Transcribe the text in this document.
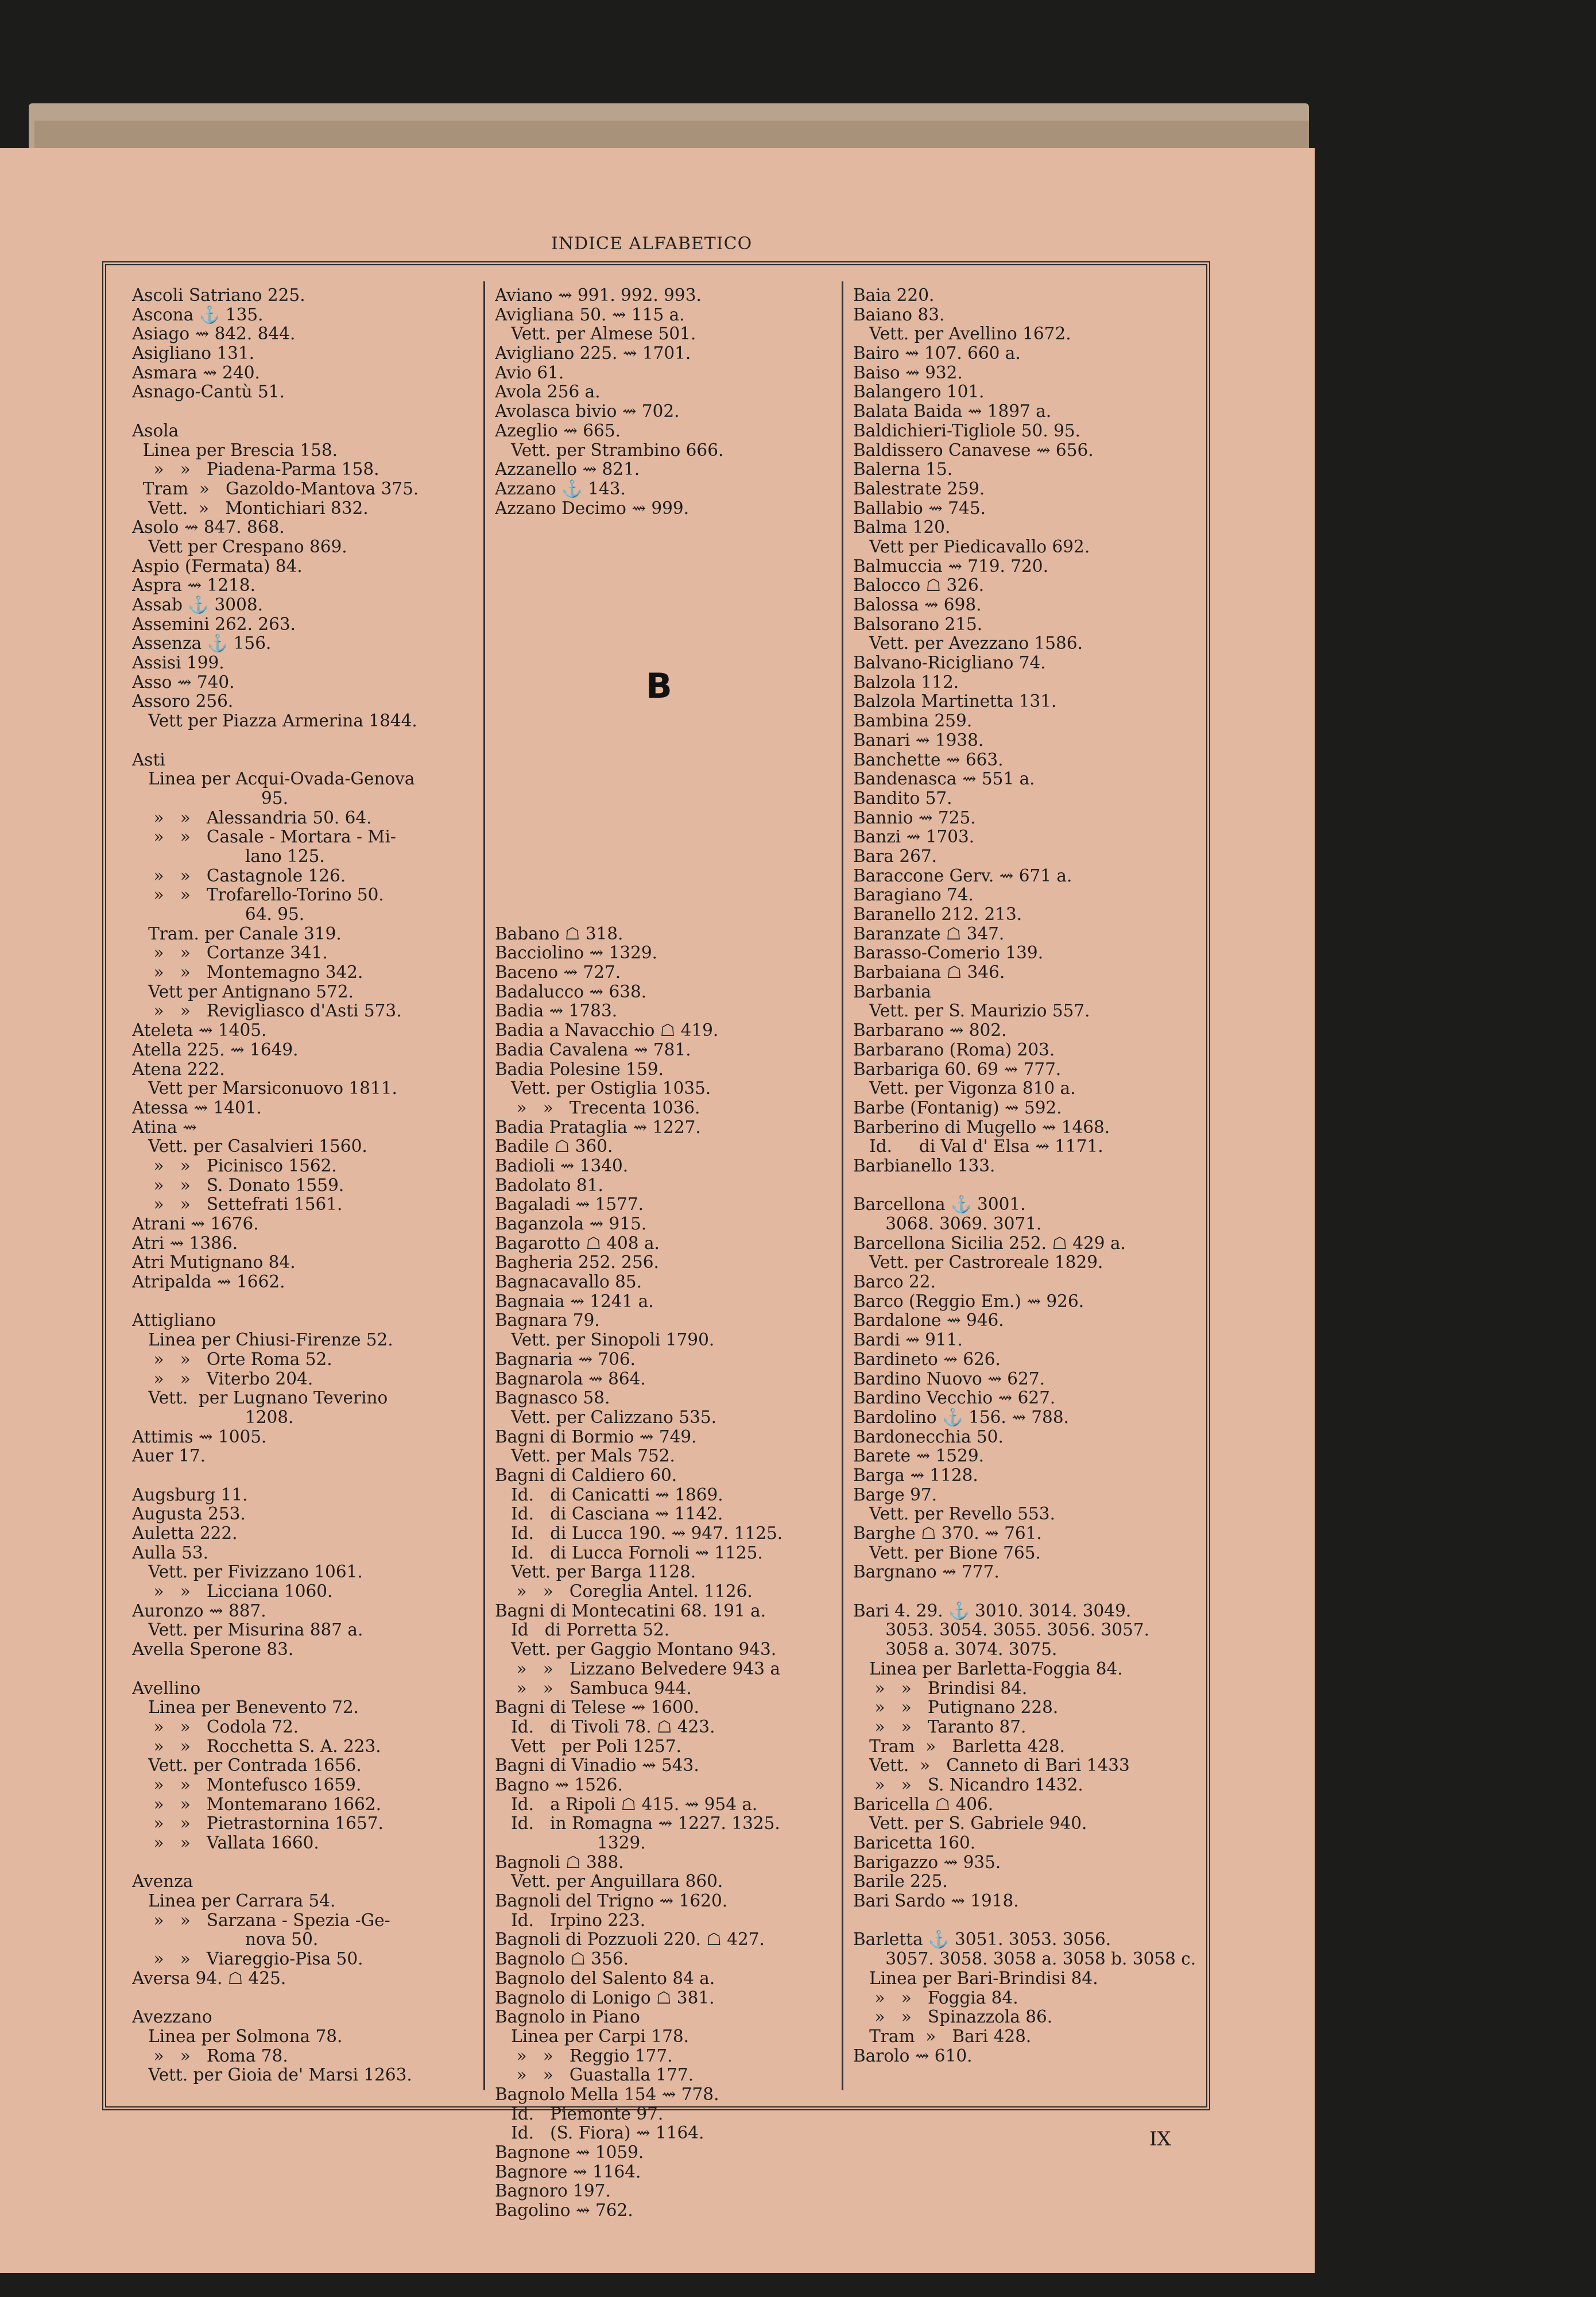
INDICE ALFABETICO
Ascoli Satriano 225.
Ascona ⚓ 135.
Asiago ⇝ 842. 844.
Asigliano 131.
Asmara ⇝ 240.
Asnago-Cantù 51.
Asola
Linea per Brescia 158.
»   »   Piadena-Parma 158.
Tram  »   Gazoldo-Mantova 375.
Vett.  »   Montichiari 832.
Asolo ⇝ 847. 868.
Vett per Crespano 869.
Aspio (Fermata) 84.
Aspra ⇝ 1218.
Assab ⚓ 3008.
Assemini 262. 263.
Assenza ⚓ 156.
Assisi 199.
Asso ⇝ 740.
Assoro 256.
Vett per Piazza Armerina 1844.
Asti
Linea per Acqui-Ovada-Genova
95.
»   »   Alessandria 50. 64.
»   »   Casale - Mortara - Mi-
lano 125.
»   »   Castagnole 126.
»   »   Trofarello-Torino 50.
64. 95.
Tram. per Canale 319.
»   »   Cortanze 341.
»   »   Montemagno 342.
Vett per Antignano 572.
»   »   Revigliasco d'Asti 573.
Ateleta ⇝ 1405.
Atella 225. ⇝ 1649.
Atena 222.
Vett per Marsiconuovo 1811.
Atessa ⇝ 1401.
Atina ⇝
Vett. per Casalvieri 1560.
»   »   Picinisco 1562.
»   »   S. Donato 1559.
»   »   Settefrati 1561.
Atrani ⇝ 1676.
Atri ⇝ 1386.
Atri Mutignano 84.
Atripalda ⇝ 1662.
Attigliano
Linea per Chiusi-Firenze 52.
»   »   Orte Roma 52.
»   »   Viterbo 204.
Vett.  per Lugnano Teverino
1208.
Attimis ⇝ 1005.
Auer 17.
Augsburg 11.
Augusta 253.
Auletta 222.
Aulla 53.
Vett. per Fivizzano 1061.
»   »   Licciana 1060.
Auronzo ⇝ 887.
Vett. per Misurina 887 a.
Avella Sperone 83.
Avellino
Linea per Benevento 72.
»   »   Codola 72.
»   »   Rocchetta S. A. 223.
Vett. per Contrada 1656.
»   »   Montefusco 1659.
»   »   Montemarano 1662.
»   »   Pietrastornina 1657.
»   »   Vallata 1660.
Avenza
Linea per Carrara 54.
»   »   Sarzana - Spezia -Ge-
nova 50.
»   »   Viareggio-Pisa 50.
Aversa 94. ☖ 425.
Avezzano
Linea per Solmona 78.
»   »   Roma 78.
Vett. per Gioia de' Marsi 1263.
Aviano ⇝ 991. 992. 993.
Avigliana 50. ⇝ 115 a.
Vett. per Almese 501.
Avigliano 225. ⇝ 1701.
Avio 61.
Avola 256 a.
Avolasca bivio ⇝ 702.
Azeglio ⇝ 665.
Vett. per Strambino 666.
Azzanello ⇝ 821.
Azzano ⚓ 143.
Azzano Decimo ⇝ 999.
Babano ☖ 318.
Bacciolino ⇝ 1329.
Baceno ⇝ 727.
Badalucco ⇝ 638.
Badia ⇝ 1783.
Badia a Navacchio ☖ 419.
Badia Cavalena ⇝ 781.
Badia Polesine 159.
Vett. per Ostiglia 1035.
»   »   Trecenta 1036.
Badia Prataglia ⇝ 1227.
Badile ☖ 360.
Badioli ⇝ 1340.
Badolato 81.
Bagaladi ⇝ 1577.
Baganzola ⇝ 915.
Bagarotto ☖ 408 a.
Bagheria 252. 256.
Bagnacavallo 85.
Bagnaia ⇝ 1241 a.
Bagnara 79.
Vett. per Sinopoli 1790.
Bagnaria ⇝ 706.
Bagnarola ⇝ 864.
Bagnasco 58.
Vett. per Calizzano 535.
Bagni di Bormio ⇝ 749.
Vett. per Mals 752.
Bagni di Caldiero 60.
Id.   di Canicatti ⇝ 1869.
Id.   di Casciana ⇝ 1142.
Id.   di Lucca 190. ⇝ 947. 1125.
Id.   di Lucca Fornoli ⇝ 1125.
Vett. per Barga 1128.
»   »   Coreglia Antel. 1126.
Bagni di Montecatini 68. 191 a.
Id   di Porretta 52.
Vett. per Gaggio Montano 943.
»   »   Lizzano Belvedere 943 a
»   »   Sambuca 944.
Bagni di Telese ⇝ 1600.
Id.   di Tivoli 78. ☖ 423.
Vett   per Poli 1257.
Bagni di Vinadio ⇝ 543.
Bagno ⇝ 1526.
Id.   a Ripoli ☖ 415. ⇝ 954 a.
Id.   in Romagna ⇝ 1227. 1325.
1329.
Bagnoli ☖ 388.
Vett. per Anguillara 860.
Bagnoli del Trigno ⇝ 1620.
Id.   Irpino 223.
Bagnoli di Pozzuoli 220. ☖ 427.
Bagnolo ☖ 356.
Bagnolo del Salento 84 a.
Bagnolo di Lonigo ☖ 381.
Bagnolo in Piano
Linea per Carpi 178.
»   »   Reggio 177.
»   »   Guastalla 177.
Bagnolo Mella 154 ⇝ 778.
Id.   Piemonte 97.
Id.   (S. Fiora) ⇝ 1164.
Bagnone ⇝ 1059.
Bagnore ⇝ 1164.
Bagnoro 197.
Bagolino ⇝ 762.
Baia 220.
Baiano 83.
Vett. per Avellino 1672.
Bairo ⇝ 107. 660 a.
Baiso ⇝ 932.
Balangero 101.
Balata Baida ⇝ 1897 a.
Baldichieri-Tigliole 50. 95.
Baldissero Canavese ⇝ 656.
Balerna 15.
Balestrate 259.
Ballabio ⇝ 745.
Balma 120.
Vett per Piedicavallo 692.
Balmuccia ⇝ 719. 720.
Balocco ☖ 326.
Balossa ⇝ 698.
Balsorano 215.
Vett. per Avezzano 1586.
Balvano-Ricigliano 74.
Balzola 112.
Balzola Martinetta 131.
Bambina 259.
Banari ⇝ 1938.
Banchette ⇝ 663.
Bandenasca ⇝ 551 a.
Bandito 57.
Bannio ⇝ 725.
Banzi ⇝ 1703.
Bara 267.
Baraccone Gerv. ⇝ 671 a.
Baragiano 74.
Baranello 212. 213.
Baranzate ☖ 347.
Barasso-Comerio 139.
Barbaiana ☖ 346.
Barbania
Vett. per S. Maurizio 557.
Barbarano ⇝ 802.
Barbarano (Roma) 203.
Barbariga 60. 69 ⇝ 777.
Vett. per Vigonza 810 a.
Barbe (Fontanig) ⇝ 592.
Barberino di Mugello ⇝ 1468.
Id.     di Val d' Elsa ⇝ 1171.
Barbianello 133.
Barcellona ⚓ 3001.
3068. 3069. 3071.
Barcellona Sicilia 252. ☖ 429 a.
Vett. per Castroreale 1829.
Barco 22.
Barco (Reggio Em.) ⇝ 926.
Bardalone ⇝ 946.
Bardi ⇝ 911.
Bardineto ⇝ 626.
Bardino Nuovo ⇝ 627.
Bardino Vecchio ⇝ 627.
Bardolino ⚓ 156. ⇝ 788.
Bardonecchia 50.
Barete ⇝ 1529.
Barga ⇝ 1128.
Barge 97.
Vett. per Revello 553.
Barghe ☖ 370. ⇝ 761.
Vett. per Bione 765.
Bargnano ⇝ 777.
Bari 4. 29. ⚓ 3010. 3014. 3049.
3053. 3054. 3055. 3056. 3057.
3058 a. 3074. 3075.
Linea per Barletta-Foggia 84.
»   »   Brindisi 84.
»   »   Putignano 228.
»   »   Taranto 87.
Tram  »   Barletta 428.
Vett.  »   Canneto di Bari 1433
»   »   S. Nicandro 1432.
Baricella ☖ 406.
Vett. per S. Gabriele 940.
Baricetta 160.
Barigazzo ⇝ 935.
Barile 225.
Bari Sardo ⇝ 1918.
Barletta ⚓ 3051. 3053. 3056.
3057. 3058. 3058 a. 3058 b. 3058 c.
Linea per Bari-Brindisi 84.
»   »   Foggia 84.
»   »   Spinazzola 86.
Tram  »   Bari 428.
Barolo ⇝ 610.
B
IX
